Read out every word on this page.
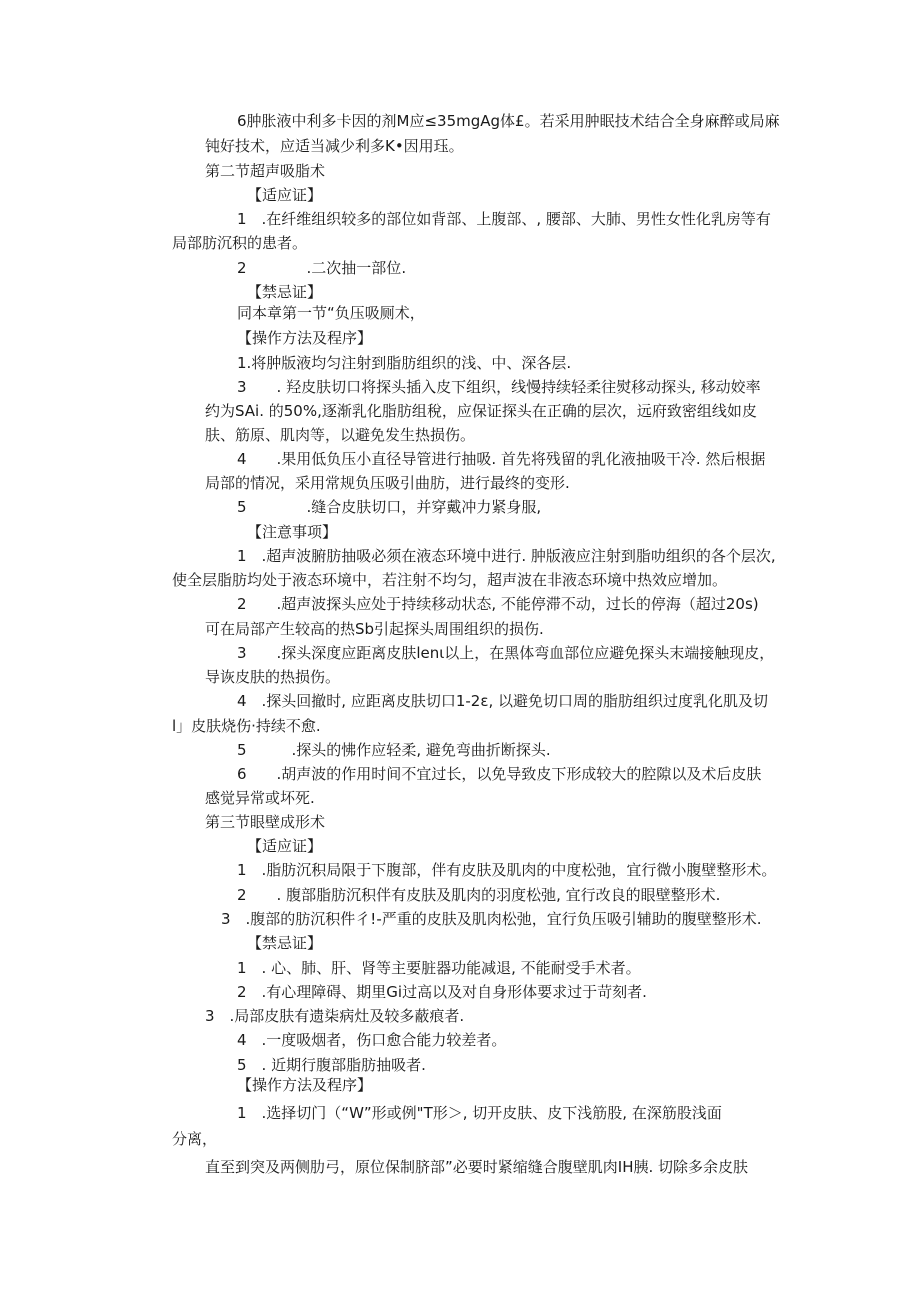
6肿胀液中利多卡因的剂M应≤35mgAg体£。若采用肿眠技术结合全身麻醉或局麻

钝好技术，应适当减少利多K•因用珏。

第二节超声吸脂术

【适应证】

1　.在纤维组织较多的部位如背部、上腹部、, 腰部、大肺、男性女性化乳房等有

局部肪沉积的患者。

2　　　　.二次抽一部位.

【禁忌证】

同本章第一节“负压吸厕术，

【操作方法及程序】

1.将肿版液均匀注射到脂肪组织的浅、中、深各层.

3　　. 羟皮肤切口将探头插入皮下组织，线慢持续轻柔往熨移动探头, 移动姣率

约为SAi. 的50%,逐渐乳化脂肪组稅，应保证探头在正确的层次，远府致密组线如皮

肤、筋原、肌肉等，以避免发生热损伤。

4　　.果用低负压小直径导管进行抽吸. 首先将残留的乳化液抽吸干冷. 然后根据

局部的情况，采用常规负压吸引曲肪，进行最终的变形.

5　　　　.缝合皮肤切口，并穿戴冲力紧身服,

【注意事项】

1　.超声波腑肪抽吸必须在液态环境中进行. 肿版液应注射到脂叻组织的各个层次,

使全层脂肪均处于液态环境中，若注射不均匀，超声波在非液态环境中热效应增加。

2　　.超声波探头应处于持续移动状态, 不能停滞不动，过长的停海（超过20s)

可在局部产生较高的热Sb引起探头周围组织的损伤.

3　　.探头深度应距离皮肤lenι以上，在黑体弯血部位应避免探头末端接触现皮，

导诙皮肤的热损伤。

4　.探头回撤时, 应距离皮肤切口1-2ε, 以避免切口周的脂肪组织过度乳化肌及切

l」皮肤烧伤·持续不愈.

5　　　.探头的怫作应轻柔, 避免弯曲折断探头.

6　　.胡声波的作用时间不宜过长，以免导致皮下形成较大的腔隙以及术后皮肤

感觉异常或坏死.

第三节眼壁成形术

【适应证】

1　.脂肪沉积局限于下腹部，伴有皮肤及肌肉的中度松弛，宜行微小腹壁整形术。

2　　. 腹部脂肪沉积伴有皮肤及肌肉的羽度松弛, 宜行改良的眼壁整形术.

3　.腹部的肪沉积件彳!-严重的皮肤及肌肉松弛，宜行负压吸引辅助的腹壁整形术.

【禁忌证】

1　. 心、肺、肝、肾等主要脏器功能减退, 不能耐受手术者。

2　.有心理障碍、期里Gi过高以及对自身形体要求过于苛刻者.

3　.局部皮肤有遗柒病灶及较多蔽痕者.

4　.一度吸烟者，伤口愈合能力较差者。

5　. 近期行腹部脂肪抽吸者.

【操作方法及程序】

1　.选择切门（“W”形或例"T形＞, 切开皮肤、皮下浅筋股, 在深筋股浅面

分离，

直至到突及两侧肋弓，原位保制脐部”必要时紧缩缝合腹壁肌肉IH胰. 切除多余皮肤
